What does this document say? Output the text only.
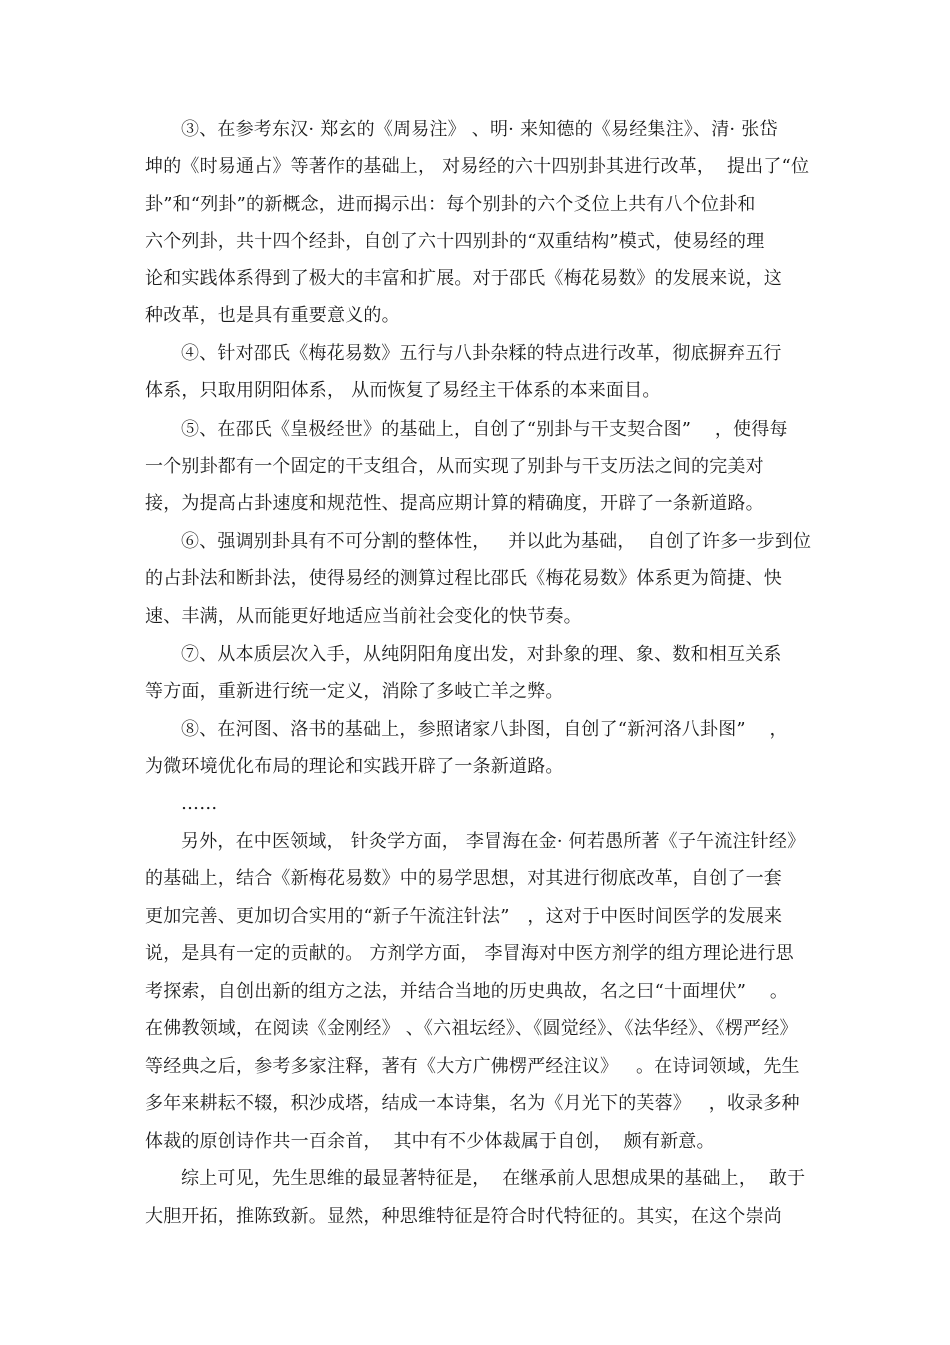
③、在参考东汉· 郑玄的《周易注》 、明· 来知德的《易经集注》、清· 张岱
坤的《时易通占》等著作的基础上， 对易经的六十四别卦其进行改革，  提出了“位
卦”和“列卦”的新概念，进而揭示出：每个别卦的六个爻位上共有八个位卦和
六个列卦，共十四个经卦，自创了六十四别卦的“双重结构”模式，使易经的理
论和实践体系得到了极大的丰富和扩展。对于邵氏《梅花易数》的发展来说，这
种改革，也是具有重要意义的。
④、针对邵氏《梅花易数》五行与八卦杂糅的特点进行改革，彻底摒弃五行
体系，只取用阴阳体系， 从而恢复了易经主干体系的本来面目。
⑤、在邵氏《皇极经世》的基础上，自创了“别卦与干支契合图”    ，使得每
一个别卦都有一个固定的干支组合，从而实现了别卦与干支历法之间的完美对
接，为提高占卦速度和规范性、提高应期计算的精确度，开辟了一条新道路。
⑥、强调别卦具有不可分割的整体性，   并以此为基础，  自创了许多一步到位
的占卦法和断卦法，使得易经的测算过程比邵氏《梅花易数》体系更为简捷、快
速、丰满，从而能更好地适应当前社会变化的快节奏。
⑦、从本质层次入手，从纯阴阳角度出发，对卦象的理、象、数和相互关系
等方面，重新进行统一定义，消除了多岐亡羊之弊。
⑧、在河图、洛书的基础上，参照诸家八卦图，自创了“新河洛八卦图”    ，
为微环境优化布局的理论和实践开辟了一条新道路。
……
另外，在中医领域， 针灸学方面， 李冒海在金· 何若愚所著《子午流注针经》
的基础上，结合《新梅花易数》中的易学思想，对其进行彻底改革，自创了一套
更加完善、更加切合实用的“新子午流注针法”   ，这对于中医时间医学的发展来
说，是具有一定的贡献的。 方剂学方面， 李冒海对中医方剂学的组方理论进行思
考探索，自创出新的组方之法，并结合当地的历史典故，名之曰“十面埋伏”    。
在佛教领域，在阅读《金刚经》 、《六祖坛经》、《圆觉经》、《法华经》、《楞严经》
等经典之后，参考多家注释，著有《大方广佛楞严经注议》   。在诗词领域，先生
多年来耕耘不辍，积沙成塔，结成一本诗集，名为《月光下的芙蓉》   ，收录多种
体裁的原创诗作共一百余首，  其中有不少体裁属于自创，  颇有新意。
综上可见，先生思维的最显著特征是，  在继承前人思想成果的基础上，  敢于
大胆开拓，推陈致新。显然，种思维特征是符合时代特征的。其实，在这个崇尚
